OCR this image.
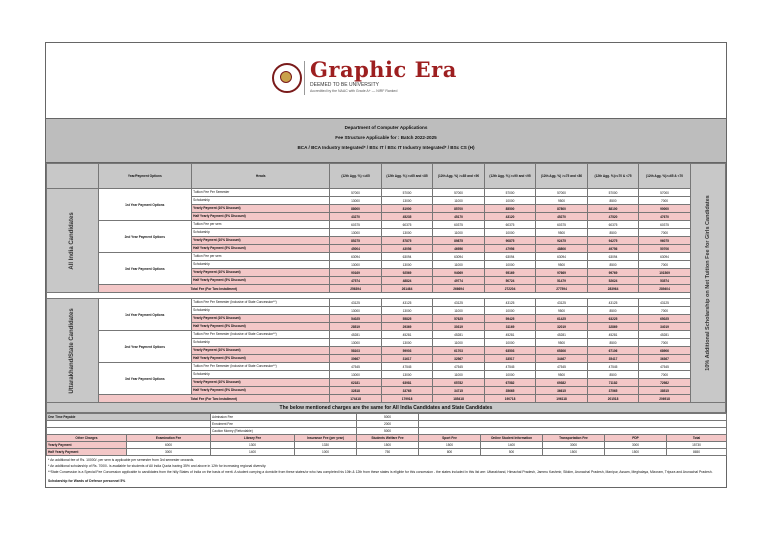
Graphic Era
DEEMED TO BE UNIVERSITY
Accredited by the NAAC with Grade A+ — NIRF Ranked
Department of Computer Applications
Fee Structure Applicable for : Batch 2022-2025
BCA / BCA Industry Integrated* / BSc IT / BSc IT Industry Integrated* / BSc CS (H)
	Year/Payment Options	Heads	(12th Agg. %) <=65	(12th Agg. %) >=65 and <85	(12th Agg. %) >=85 and <90	(12th Agg. %) >=90 and <95	(12th Agg. %) >=75 and <80	(12th Agg. %)>=70 & <75	(12th Agg. %)>=65 & <70	10% Additional Scholarship on Net Tuition Fee for Girls Candidates

All India Candidates	1st Year Payment Options	Tuition Fee Per Semester	57000	57000	57000	57000	57000	57000	57000	
		Scholarship	13000	13000	11000	10000	9500	8500	7000	
		Yearly Payment (10% Discount)	88000	81900	85700	85500	87800	88100	90000	
		Half Yearly Payment (5% Discount)	43270	45235	45170	43120	45270	47520	47670	
	2nd Year Payment Options	Tuition Fee per sem	60375	60375	60375	60375	60375	60375	60375	
		Scholarship	13000	13000	11000	10000	9500	8500	7000	
		Yearly Payment (10% Discount)	85275	87875	89875	90875	92475	94275	96075	
		Half Yearly Payment (5% Discount)	45004	43056	46956	47956	48806	49756	50706	
	3rd Year Payment Options	Tuition Fee per sem	63094	63094	63094	63094	63094	63094	63094	
		Scholarship	13000	13000	11000	10000	9500	8500	7000	
		Yearly Payment (10% Discount)	90169	92569	94069	95169	97669	99769	101569	
		Half Yearly Payment (5% Discount)	47574	48824	49774	50724	51479	52624	53574	
	Total Fee (For Two Installment)		256394	261464	266694	272204	277594	283964	289404	

Uttarakhand/State Candidates	1st Year Payment Options	Tuition Fee Per Semester (Inclusive of State Concession**)	43125	43125	43125	43125	43125	43125	43125	
		Scholarship	13000	13000	11000	10000	9500	8500	7000	
		Yearly Payment (10% Discount)	54025	55825	57625	59425	61425	63225	65025	
		Half Yearly Payment (5% Discount)	28519	29369	30319	31169	32019	32869	34019	
	2nd Year Payment Options	Tuition Fee Per Semester (Inclusive of State Concession**)	45281	45281	45281	45281	45281	45281	45281	
		Scholarship	13000	13000	11000	10000	9500	8500	7000	
		Yearly Payment (10% Discount)	58103	59903	61703	63503	65306	67106	68906	
		Half Yearly Payment (5% Discount)	30667	31617	32567	33517	34467	35417	36367	
	3rd Year Payment Options	Tuition Fee Per Semester (Inclusive of State Concession**)	47545	47545	47545	47545	47545	47545	47545	
		Scholarship	13000	13000	11000	10000	9500	8500	7000	
		Yearly Payment (10% Discount)	62181	63981	65782	67582	69382	71182	72982	
		Half Yearly Payment (5% Discount)	32818	33765	34715	35665	36615	37565	38515	
	Total Fee (For Two Installment)		174418	179918	185418	190718	196118	201518	206918	
The below mentioned charges are the same for All India Candidates and State Candidates										
One Time Payable		Admission Fee		5000					
		Enrolment Fee		2000					
		Caution Money (Refundable)		5000					
Other Charges	Examination Fee	Library Fee	Insurance Fee (per year)	Students Welfare Fee	Sport Fee	Online Student Information	Transportation Fee	PDP	Total
Yearly Payment	6000	1300	1330	1500	1500	1400	3000	3000	15730
Half Yearly Payment	3000	1400	1000	750	800	500	1500	1500	8650
* An additional fee of Rs. 10000/- per sem is applicable per semester from 3rd semester onwards.
* An additional scholarship of Rs. 7000/- is available for students of All India Quota having 35% and above in 12th for increasing regional diversity.
**State Concession is a Special Fee Concession applicable to candidates from the hilly States of India on the basis of merit. A student carrying a domicile from these states/or who has completed his 10th & 12th from these states is eligible for this concession - the states included in this list are: Uttarakhand, Himachal Pradesh, Jammu Kashmir, Sikkim, Arunachal Pradesh, Manipur, Assam, Meghalaya, Mizoram, Tripura and Arunachal Pradesh.
Scholarship for Wards of Defence personnel 5%
